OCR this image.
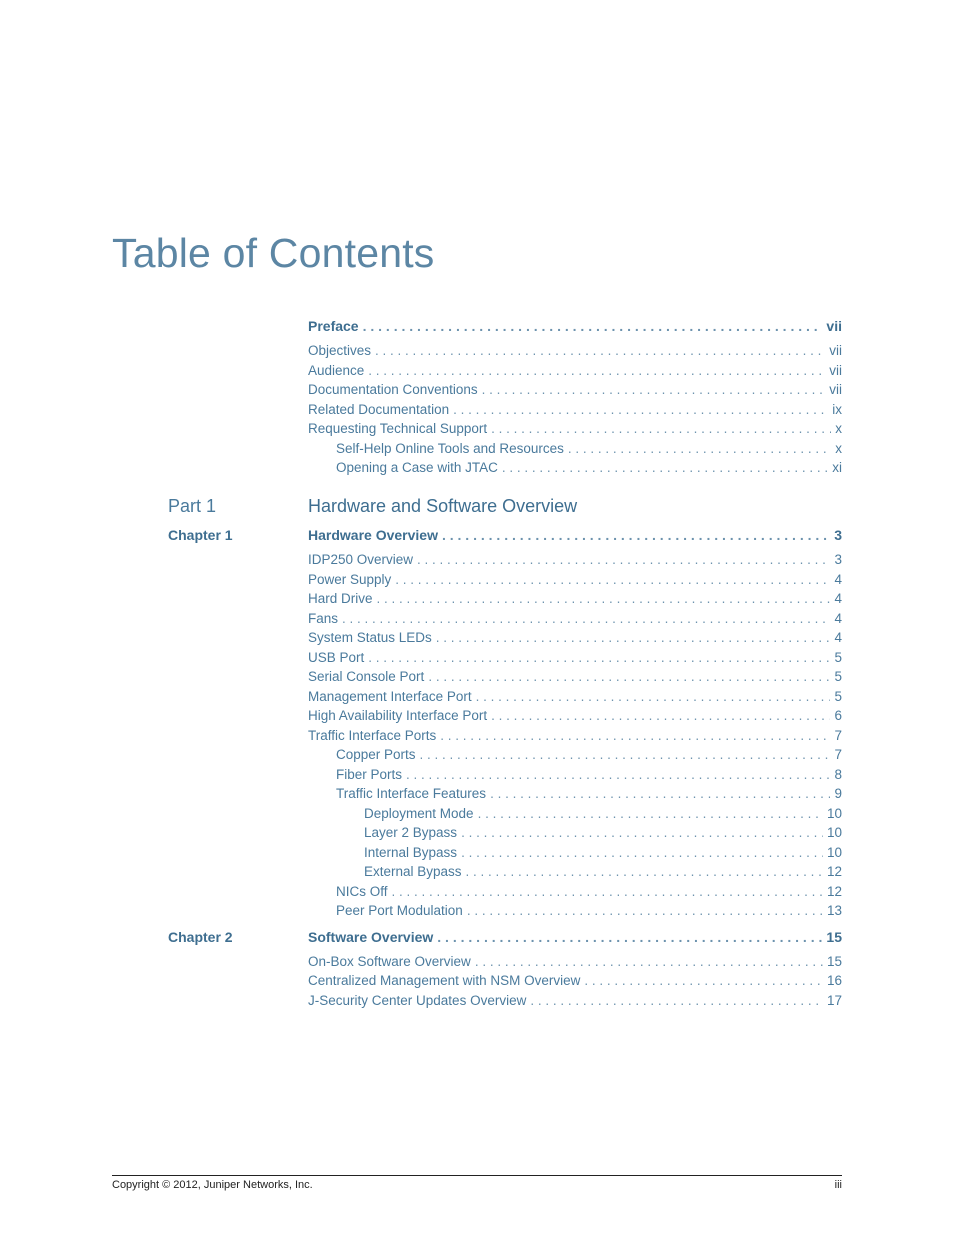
Table of Contents
Preface . . .	vii
Objectives . . .	vii
Audience . . .	vii
Documentation Conventions . . .	vii
Related Documentation . . .	ix
Requesting Technical Support . . .	x
Self-Help Online Tools and Resources . . .	x
Opening a Case with JTAC . . .	xi
Part 1	Hardware and Software Overview
Chapter 1	Hardware Overview . . .	3
IDP250 Overview . . .	3
Power Supply . . .	4
Hard Drive . . .	4
Fans . . .	4
System Status LEDs . . .	4
USB Port . . .	5
Serial Console Port . . .	5
Management Interface Port . . .	5
High Availability Interface Port . . .	6
Traffic Interface Ports . . .	7
Copper Ports . . .	7
Fiber Ports . . .	8
Traffic Interface Features . . .	9
Deployment Mode . . .	10
Layer 2 Bypass . . .	10
Internal Bypass . . .	10
External Bypass . . .	12
NICs Off . . .	12
Peer Port Modulation . . .	13
Chapter 2	Software Overview . . .	15
On-Box Software Overview . . .	15
Centralized Management with NSM Overview . . .	16
J-Security Center Updates Overview . . .	17
Copyright © 2012, Juniper Networks, Inc.	iii
